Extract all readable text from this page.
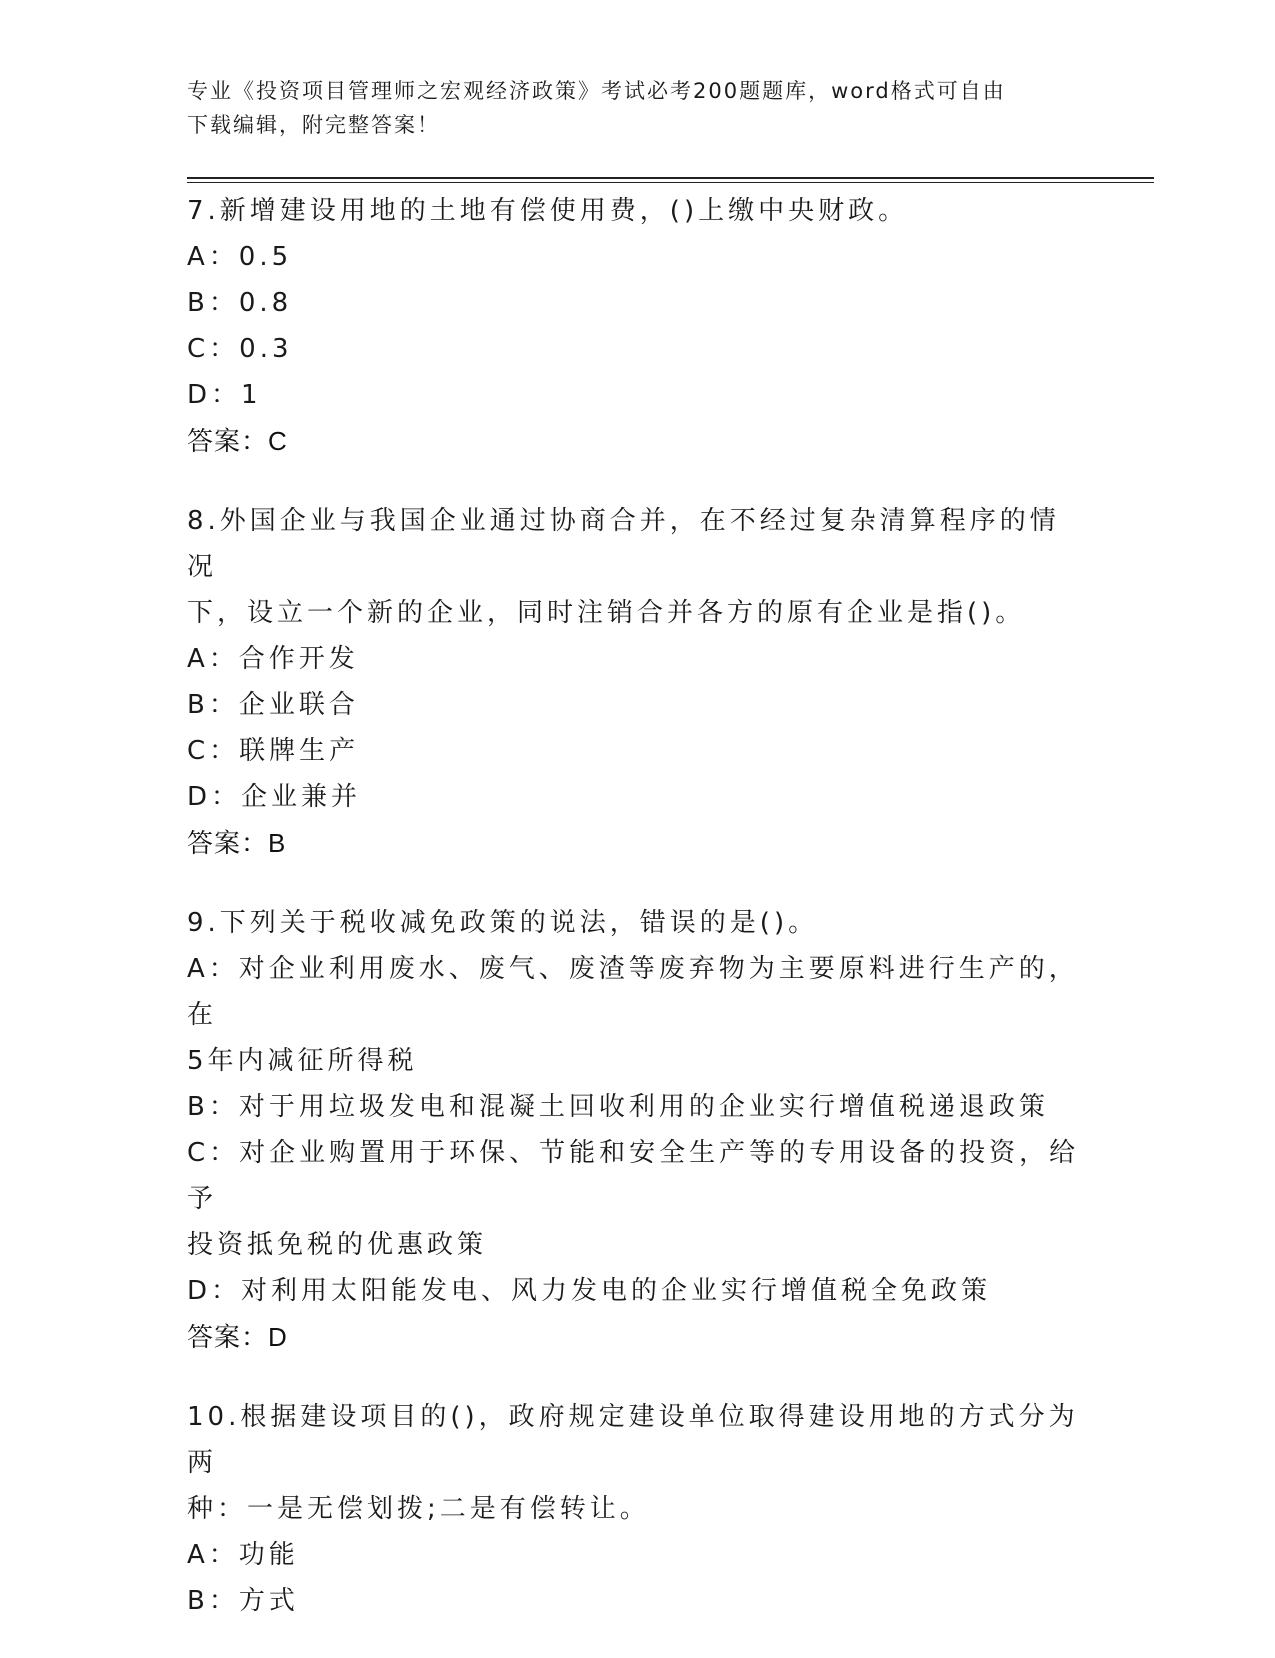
专业《投资项目管理师之宏观经济政策》考试必考200题题库，word格式可自由
下载编辑，附完整答案！
7.新增建设用地的土地有偿使用费，()上缴中央财政。
A：0.5
B：0.8
C：0.3
D：1
答案：C
8.外国企业与我国企业通过协商合并，在不经过复杂清算程序的情况
下，设立一个新的企业，同时注销合并各方的原有企业是指()。
A：合作开发
B：企业联合
C：联牌生产
D：企业兼并
答案：B
9.下列关于税收减免政策的说法，错误的是()。
A：对企业利用废水、废气、废渣等废弃物为主要原料进行生产的，在
5年内减征所得税
B：对于用垃圾发电和混凝土回收利用的企业实行增值税递退政策
C：对企业购置用于环保、节能和安全生产等的专用设备的投资，给予
投资抵免税的优惠政策
D：对利用太阳能发电、风力发电的企业实行增值税全免政策
答案：D
10.根据建设项目的()，政府规定建设单位取得建设用地的方式分为两
种：一是无偿划拨;二是有偿转让。
A：功能
B：方式
